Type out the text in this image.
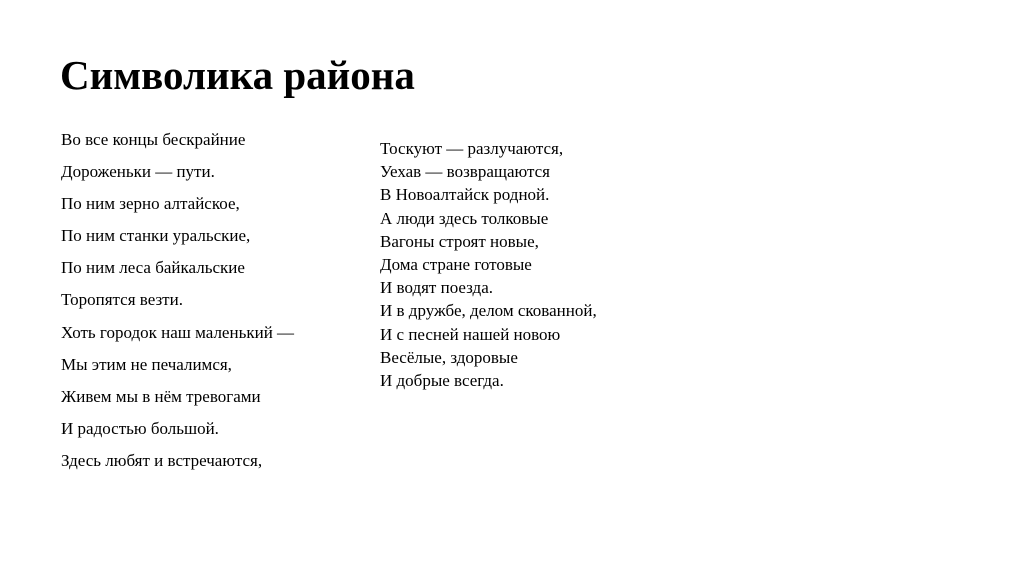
Символика района
Во все концы бескрайние
Дороженьки — пути.
По ним зерно алтайское,
По ним станки уральские,
По ним леса байкальские
Торопятся везти.
Хоть городок наш маленький —
Мы этим не печалимся,
Живем мы в нём тревогами
И радостью большой.
Здесь любят и встречаются,
Тоскуют — разлучаются,
Уехав — возвращаются
В Новоалтайск родной.
А люди здесь толковые
Вагоны строят новые,
Дома стране готовые
И водят поезда.
И в дружбе, делом скованной,
И с песней нашей новою
Весёлые, здоровые
И добрые всегда.
